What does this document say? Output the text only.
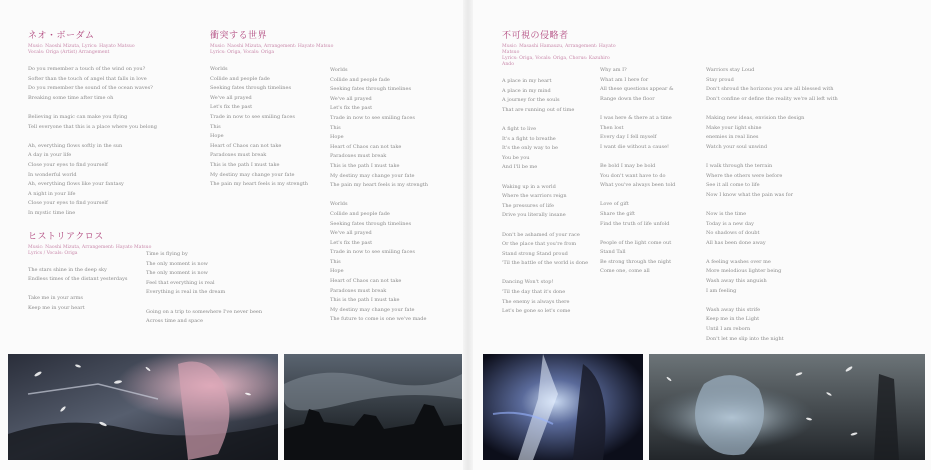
ネオ・ボーダム
Music: Naoshi Mizuta, Lyrics: Hayato Matsuo
Vocals: Origa (Artist) Arrangement
Do you remember a touch of the wind on you?
Softer than the touch of angel that falls in love
Do you remember the sound of the ocean waves?
Breaking some time after time oh
Believing in magic can make you flying
Tell everyone that this is a place where you belong
Ah, everything flows softly in the sun
A day in your life
Close your eyes to find yourself
In wonderful world
Ah, everything flows like your fantasy
A night in your life
Close your eyes to find yourself
In mystic time line
ヒストリアクロス
Music: Naoshi Mizuta, Arrangement: Hayato Matsuo
Lyrics / Vocals: Origa
The stars shine in the deep sky
Endless times of the distant yesterdays
Take me in your arms
Keep me in your heart
Time is flying by
The only moment is now
The only moment is now
Feel that everything is real
Everything is real in the dream
Going on a trip to somewhere I've never been
Across time and space
衝突する世界
Music: Naoshi Mizuta, Arrangement: Hayato Matsuo
Lyrics: Origa, Vocals: Origa
Worlds
Collide and people fade
Seeking fates through timelines
We've all prayed
Let's fix the past
Trade in now to see smiling faces
This
Hope
Heart of Chaos can not take
Paradoxes must break
This is the path I must take
My destiny may change your fate
The pain my heart feels is my strength
Worlds
Collide and people fade
Seeking fates through timelines
We've all prayed
Let's fix the past
Trade in now to see smiling faces
This
Hope
Heart of Chaos can not take
Paradoxes must break
This is the path I must take
My destiny may change your fate
The pain my heart feels is my strength
Worlds
Collide and people fade
Seeking fates through timelines
We've all prayed
Let's fix the past
Trade in now to see smiling faces
This
Hope
Heart of Chaos can not take
Paradoxes must break
This is the path I must take
My destiny may change your fate
The future to come is one we've made
不可視の侵略者
Music: Masashi Hamauzu, Arrangement: Hayato Matsuo
Lyrics: Origa, Vocals: Origa, Chorus: Kazuhiro Ando
A place in my heart
A place in my mind
A journey for the souls
That are running out of time
A fight to live
It's a fight to breathe
It's the only way to be
You be you
And I'll be me
Waking up in a world
Where the warriors reign
The pressures of life
Drive you literally insane
Don't be ashamed of your race
Or the place that you're from
Stand strong Stand proud
'Til the battle of the world is done
Dancing Won't stop!
'Til the day that it's done
The enemy is always there
Let's be gone so let's come
Why am I?
What am I here for
All these questions appear &
Range down the floor
I was here & there at a time
Then lost
Every day I fell myself
I want die without a cause!
Be bold I may be bold
You don't want have to do
What you've always been told
Love of gift
Share the gift
Find the truth of life unfold
People of the light come out
Stand Tall
Be strong through the night
Come one, come all
Warriors stay Loud
Stay proud
Don't shroud the horizons you are all blessed with
Don't confine or define the reality we're all left with
Making new ideas, envision the design
Make your light shine
enemies in real lines
Watch your soul unwind
I walk through the terrain
Where the others were before
See it all come to life
Now I know what the pain was for
Now is the time
Today is a new day
No shadows of doubt
All has been done away
A feeling washes over me
More melodious lighter being
Wash away this anguish
I am feeling
Wash away this strife
Keep me in the Light
Until I am reborn
Don't let me slip into the night
